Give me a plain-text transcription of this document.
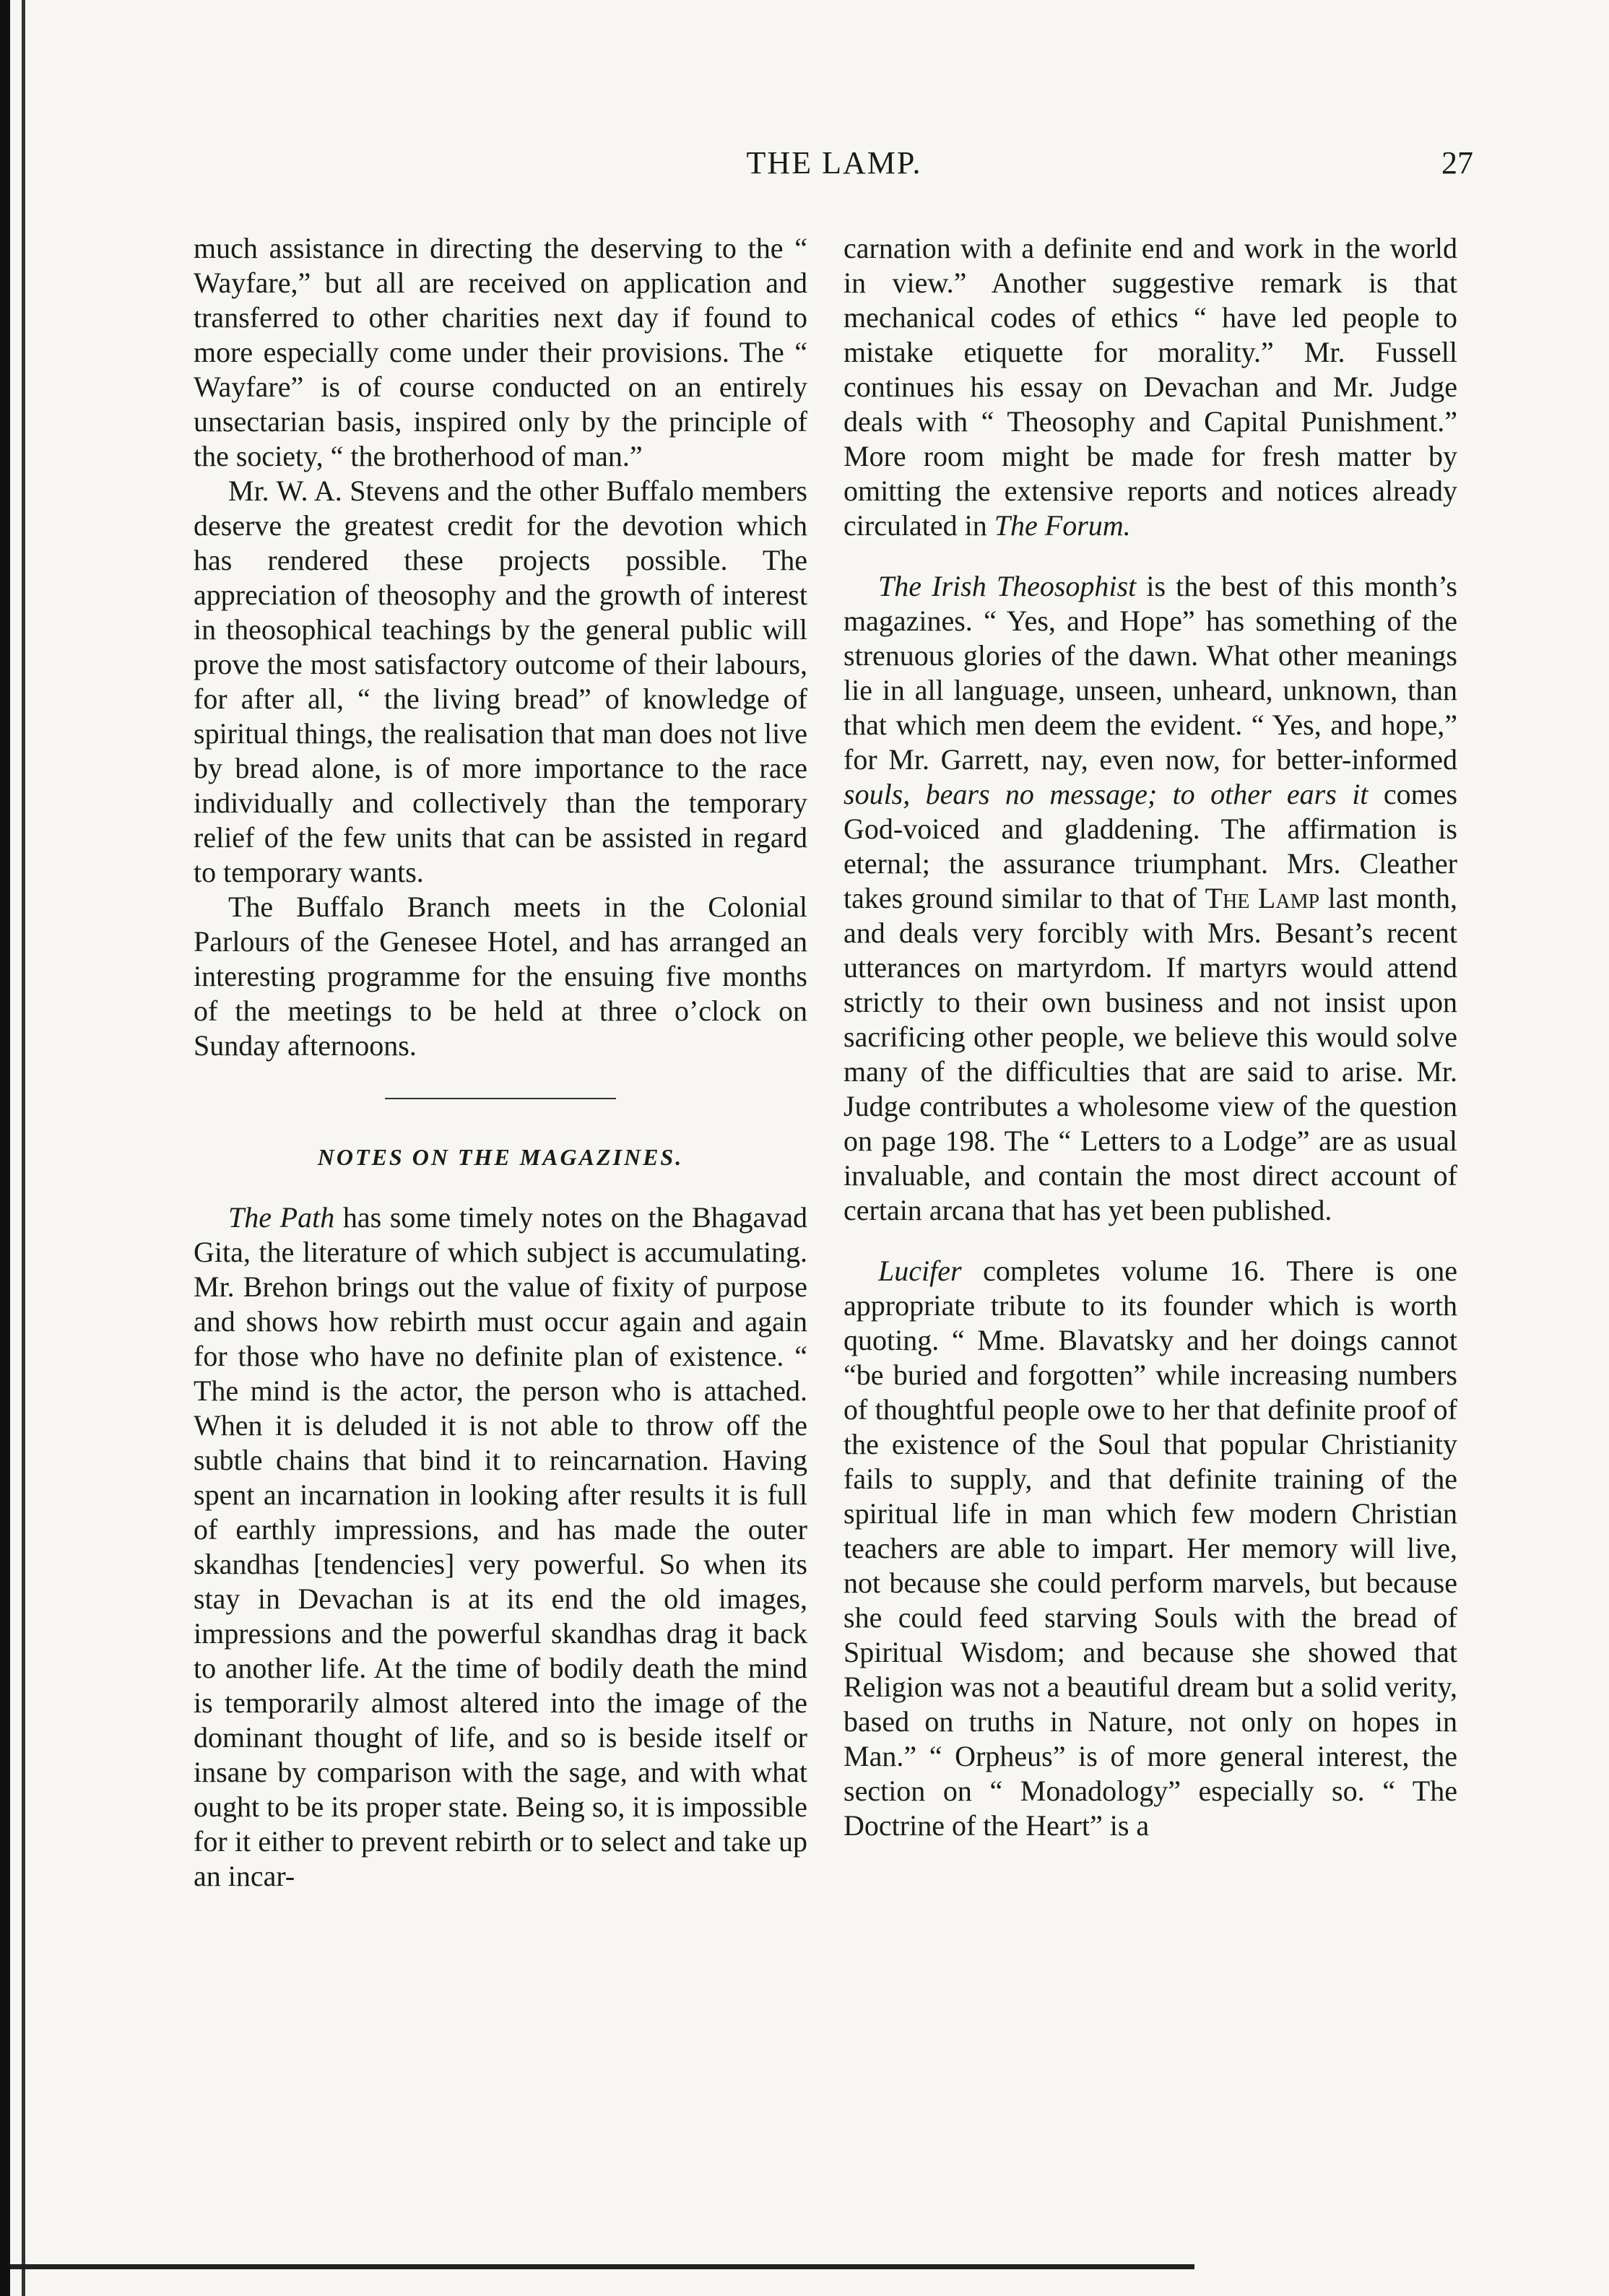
THE LAMP.	27

much assistance in directing the deserving to the “ Wayfare,” but all are received on application and transferred to other charities next day if found to more especially come under their provisions. The “ Wayfare” is of course conducted on an entirely unsectarian basis, inspired only by the principle of the society, “ the brotherhood of man.”

Mr. W. A. Stevens and the other Buffalo members deserve the greatest credit for the devotion which has rendered these projects possible. The appreciation of theosophy and the growth of interest in theosophical teachings by the general public will prove the most satisfactory outcome of their labours, for after all, “ the living bread” of knowledge of spiritual things, the realisation that man does not live by bread alone, is of more importance to the race individually and collectively than the temporary relief of the few units that can be assisted in regard to temporary wants.

The Buffalo Branch meets in the Colonial Parlours of the Genesee Hotel, and has arranged an interesting programme for the ensuing five months of the meetings to be held at three o’clock on Sunday afternoons.

NOTES ON THE MAGAZINES.

The Path has some timely notes on the Bhagavad Gita, the literature of which subject is accumulating. Mr. Brehon brings out the value of fixity of purpose and shows how rebirth must occur again and again for those who have no definite plan of existence. “ The mind is the actor, the person who is attached. When it is deluded it is not able to throw off the subtle chains that bind it to reincarnation. Having spent an incarnation in looking after results it is full of earthly impressions, and has made the outer skandhas [tendencies] very powerful. So when its stay in Devachan is at its end the old images, impressions and the powerful skandhas drag it back to another life. At the time of bodily death the mind is temporarily almost altered into the image of the dominant thought of life, and so is beside itself or insane by comparison with the sage, and with what ought to be its proper state. Being so, it is impossible for it either to prevent rebirth or to select and take up an incar-

carnation with a definite end and work in the world in view.” Another suggestive remark is that mechanical codes of ethics “ have led people to mistake etiquette for morality.” Mr. Fussell continues his essay on Devachan and Mr. Judge deals with “ Theosophy and Capital Punishment.” More room might be made for fresh matter by omitting the extensive reports and notices already circulated in The Forum.

The Irish Theosophist is the best of this month’s magazines. “ Yes, and Hope” has something of the strenuous glories of the dawn. What other meanings lie in all language, unseen, unheard, unknown, than that which men deem the evident. “ Yes, and hope,” for Mr. Garrett, nay, even now, for better-informed souls, bears no message; to other ears it comes God-voiced and gladdening. The affirmation is eternal; the assurance triumphant. Mrs. Cleather takes ground similar to that of The Lamp last month, and deals very forcibly with Mrs. Besant’s recent utterances on martyrdom. If martyrs would attend strictly to their own business and not insist upon sacrificing other people, we believe this would solve many of the difficulties that are said to arise. Mr. Judge contributes a wholesome view of the question on page 198. The “ Letters to a Lodge” are as usual invaluable, and contain the most direct account of certain arcana that has yet been published.

Lucifer completes volume 16. There is one appropriate tribute to its founder which is worth quoting. “ Mme. Blavatsky and her doings cannot “be buried and forgotten” while increasing numbers of thoughtful people owe to her that definite proof of the existence of the Soul that popular Christianity fails to supply, and that definite training of the spiritual life in man which few modern Christian teachers are able to impart. Her memory will live, not because she could perform marvels, but because she could feed starving Souls with the bread of Spiritual Wisdom; and because she showed that Religion was not a beautiful dream but a solid verity, based on truths in Nature, not only on hopes in Man.” “ Orpheus” is of more general interest, the section on “ Monadology” especially so. “ The Doctrine of the Heart” is a
